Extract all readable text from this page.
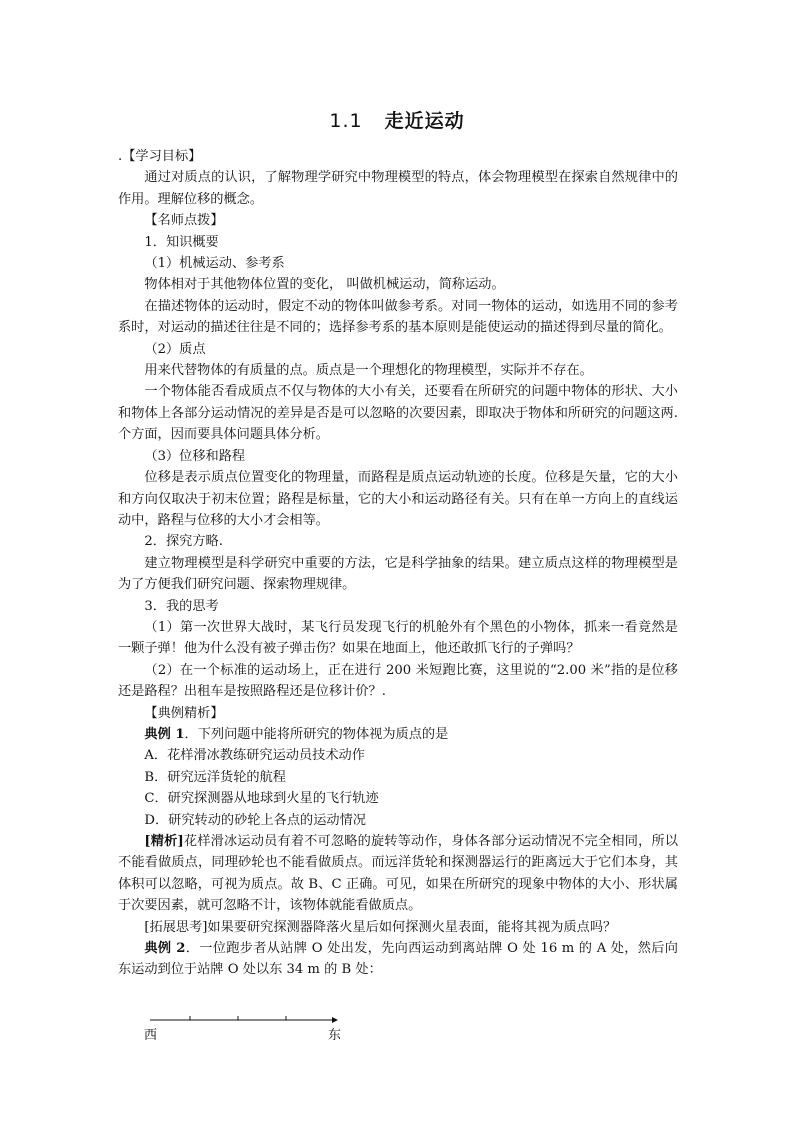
1.1 走近运动

.【学习目标】

通过对质点的认识，了解物理学研究中物理模型的特点，体会物理模型在探索自然规律中的作用。理解位移的概念。

【名师点拨】

1．知识概要

（1）机械运动、参考系

物体相对于其他物体位置的变化， 叫做机械运动，简称运动。

在描述物体的运动时，假定不动的物体叫做参考系。对同一物体的运动，如选用不同的参考系时，对运动的描述往往是不同的；选择参考系的基本原则是能使运动的描述得到尽量的简化。

（2）质点

用来代替物体的有质量的点。质点是一个理想化的物理模型，实际并不存在。

一个物体能否看成质点不仅与物体的大小有关，还要看在所研究的问题中物体的形状、大小和物体上各部分运动情况的差异是否是可以忽略的次要因素，即取决于物体和所研究的问题这两.个方面，因而要具体问题具体分析。

（3）位移和路程

位移是表示质点位置变化的物理量，而路程是质点运动轨迹的长度。位移是矢量，它的大小和方向仅取决于初末位置；路程是标量，它的大小和运动路径有关。只有在单一方向上的直线运动中，路程与位移的大小才会相等。

2．探究方略.

建立物理模型是科学研究中重要的方法，它是科学抽象的结果。建立质点这样的物理模型是为了方便我们研究问题、探索物理规律。

3．我的思考

（1）第一次世界大战时，某飞行员发现飞行的机舱外有个黑色的小物体，抓来一看竟然是一颗子弹！他为什么没有被子弹击伤？如果在地面上，他还敢抓飞行的子弹吗？

（2）在一个标准的运动场上，正在进行 200 米短跑比赛，这里说的“2.00 米”指的是位移还是路程？出租车是按照路程还是位移计价？.

【典例精析】

典例 1．下列问题中能将所研究的物体视为质点的是

A．花样滑冰教练研究运动员技术动作

B．研究远洋货轮的航程

C．研究探测器从地球到火星的飞行轨迹

D．研究转动的砂轮上各点的运动情况

[精析]花样滑冰运动员有着不可忽略的旋转等动作，身体各部分运动情况不完全相同，所以不能看做质点，同理砂轮也不能看做质点。而远洋货轮和探测器运行的距离远大于它们本身，其体积可以忽略，可视为质点。故 B、C 正确。可见，如果在所研究的现象中物体的大小、形状属于次要因素，就可忽略不计，该物体就能看做质点。

[拓展思考]如果要研究探测器降落火星后如何探测火星表面，能将其视为质点吗？

典例 2．一位跑步者从站牌 O 处出发，先向西运动到离站牌 O 处 16 m 的 A 处，然后向东运动到位于站牌 O 处以东 34 m 的 B 处：

西	东
